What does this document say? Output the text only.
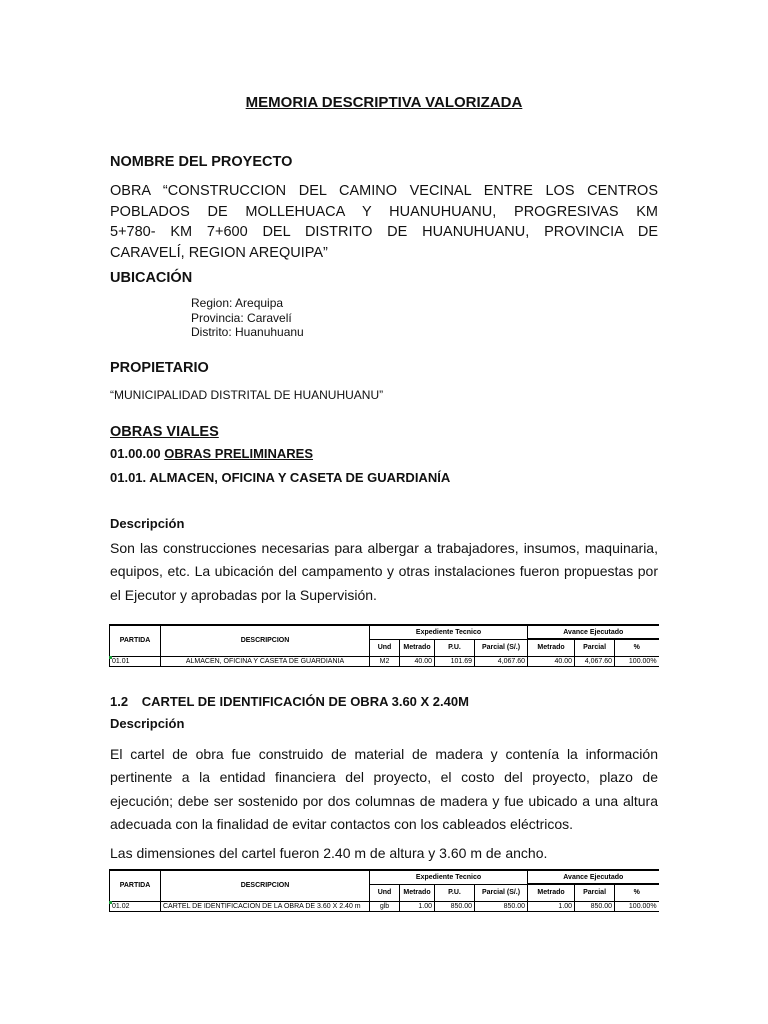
MEMORIA DESCRIPTIVA VALORIZADA
NOMBRE DEL PROYECTO
OBRA “CONSTRUCCION DEL CAMINO VECINAL ENTRE LOS CENTROS
POBLADOS DE MOLLEHUACA Y HUANUHUANU, PROGRESIVAS KM
5+780- KM 7+600 DEL DISTRITO DE HUANUHUANU, PROVINCIA DE
CARAVELÍ, REGION AREQUIPA”
UBICACIÓN
Region: Arequipa
Provincia: Caravelí
Distrito: Huanuhuanu
PROPIETARIO
“MUNICIPALIDAD DISTRITAL DE HUANUHUANU”
OBRAS VIALES
01.00.00 OBRAS PRELIMINARES
01.01. ALMACEN, OFICINA Y CASETA DE GUARDIANÍA
Descripción
Son las construcciones necesarias para albergar a trabajadores, insumos, maquinaria,
equipos, etc. La ubicación del campamento y otras instalaciones fueron propuestas por
el Ejecutor y aprobadas por la Supervisión.
PARTIDA	DESCRIPCION	Expediente Tecnico				Avance Ejecutado		
		Und	Metrado	P.U.	Parcial (S/.)	Metrado	Parcial	%
01.01	ALMACEN, OFICINA Y CASETA DE GUARDIANIA	M2	40.00	101.69	4,067.60	40.00	4,067.60	100.00%
1.2 CARTEL DE IDENTIFICACIÓN DE OBRA 3.60 X 2.40M
Descripción
El cartel de obra fue construido de material de madera y contenía la información
pertinente a la entidad financiera del proyecto, el costo del proyecto, plazo de
ejecución; debe ser sostenido por dos columnas de madera y fue ubicado a una altura
adecuada con la finalidad de evitar contactos con los cableados eléctricos.
Las dimensiones del cartel fueron 2.40 m de altura y 3.60 m de ancho.
PARTIDA	DESCRIPCION	Expediente Tecnico				Avance Ejecutado		
		Und	Metrado	P.U.	Parcial (S/.)	Metrado	Parcial	%
01.02	CARTEL DE IDENTIFICACION DE LA OBRA DE 3.60 X 2.40 m	glb	1.00	850.00	850.00	1.00	850.00	100.00%
